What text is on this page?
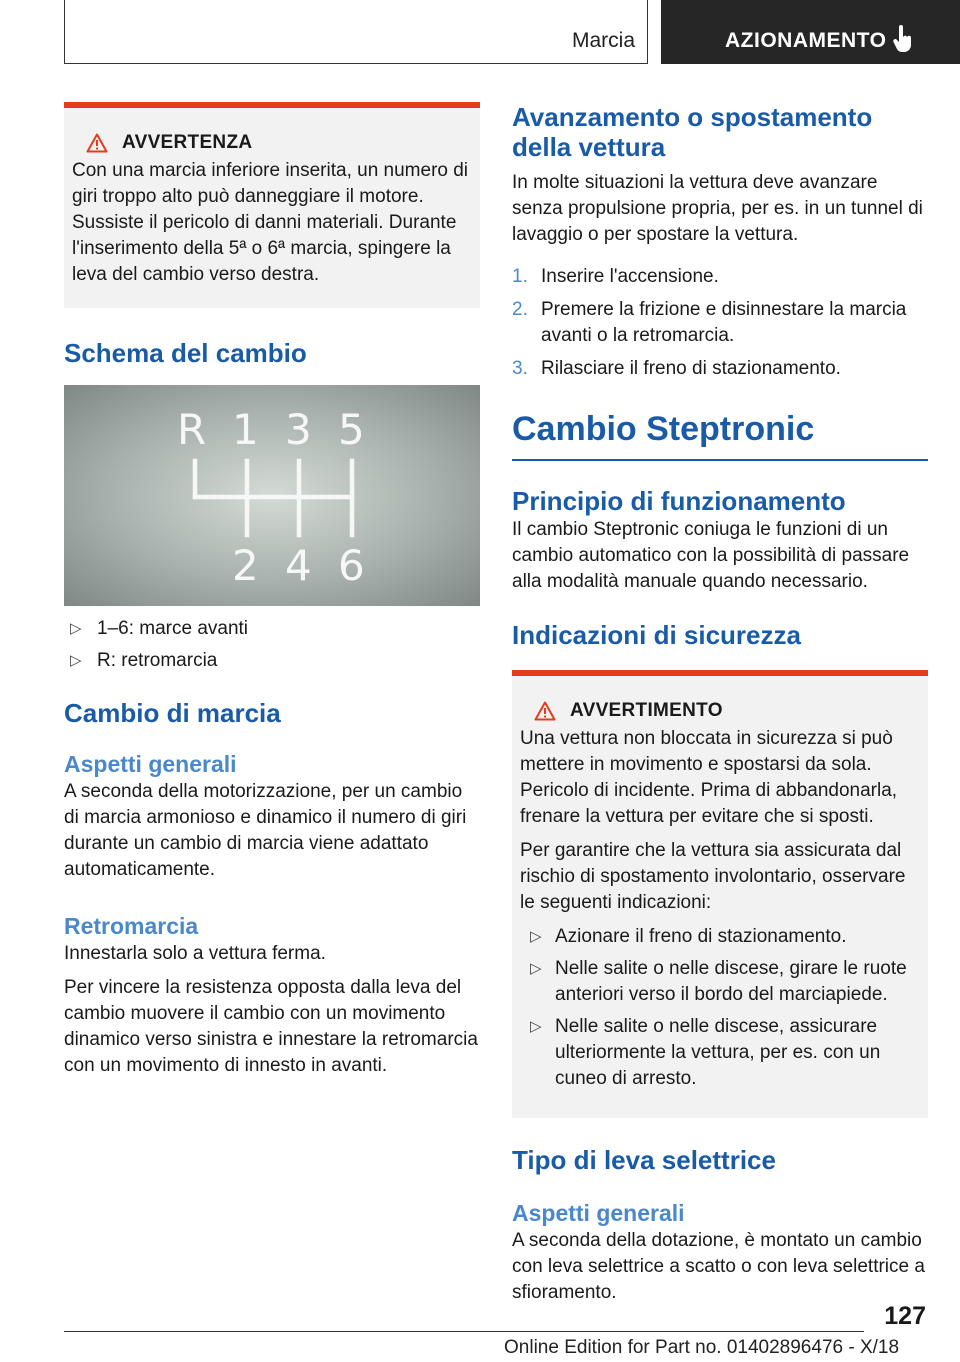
Marcia	AZIONAMENTO
AVVERTENZA

Con una marcia inferiore inserita, un numero di giri troppo alto può danneggiare il motore. Sussiste il pericolo di danni materiali. Durante l'inserimento della 5ª o 6ª marcia, spingere la leva del cambio verso destra.

Schema del cambio
R 1 3 5
2 4 6
▷ 1–6: marce avanti
▷ R: retromarcia
Cambio di marcia
Aspetti generali

A seconda della motorizzazione, per un cambio di marcia armonioso e dinamico il numero di giri durante un cambio di marcia viene adattato automaticamente.

Retromarcia

Innestarla solo a vettura ferma.

Per vincere la resistenza opposta dalla leva del cambio muovere il cambio con un movimento dinamico verso sinistra e innestare la retromarcia con un movimento di innesto in avanti.

Avanzamento o spostamento della vettura

In molte situazioni la vettura deve avanzare senza propulsione propria, per es. in un tunnel di lavaggio o per spostare la vettura.

1. Inserire l'accensione.
2. Premere la frizione e disinnestare la marcia avanti o la retromarcia.
3. Rilasciare il freno di stazionamento.
Cambio Steptronic
Principio di funzionamento

Il cambio Steptronic coniuga le funzioni di un cambio automatico con la possibilità di passare alla modalità manuale quando necessario.

Indicazioni di sicurezza
AVVERTIMENTO

Una vettura non bloccata in sicurezza si può mettere in movimento e spostarsi da sola. Pericolo di incidente. Prima di abbandonarla, frenare la vettura per evitare che si sposti.

Per garantire che la vettura sia assicurata dal rischio di spostamento involontario, osservare le seguenti indicazioni:

▷ Azionare il freno di stazionamento.
▷ Nelle salite o nelle discese, girare le ruote anteriori verso il bordo del marciapiede.
▷ Nelle salite o nelle discese, assicurare ulteriormente la vettura, per es. con un cuneo di arresto.
Tipo di leva selettrice
Aspetti generali

A seconda della dotazione, è montato un cambio con leva selettrice a scatto o con leva selettrice a sfioramento.

127
Online Edition for Part no. 01402896476 - X/18
